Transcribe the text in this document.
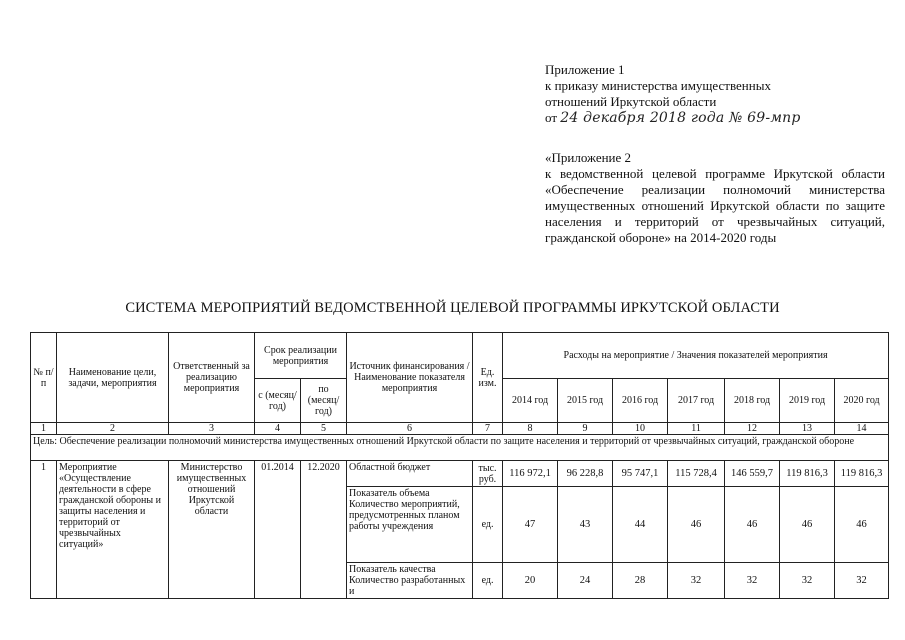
Приложение 1
к приказу министерства имущественных
отношений Иркутской области
от 24 декабря 2018 года № 69-мпр
«Приложение 2
к ведомственной целевой программе Иркутской области «Обеспечение реализации полномочий министерства имущественных отношений Иркутской области по защите населения и территорий от чрезвычайных ситуаций, гражданской обороне» на 2014-2020 годы
СИСТЕМА МЕРОПРИЯТИЙ ВЕДОМСТВЕННОЙ ЦЕЛЕВОЙ ПРОГРАММЫ ИРКУТСКОЙ ОБЛАСТИ
№ п/п	Наименование цели, задачи, мероприятия	Ответственный за реализацию мероприятия	Срок реализации мероприятия		Источник финансирования / Наименование показателя мероприятия	Ед. изм.	Расходы на мероприятие / Значения показателей мероприятия						
			с (месяц/ год)	по (месяц/ год)			2014 год	2015 год	2016 год	2017 год	2018 год	2019 год	2020 год
1	2	3	4	5	6	7	8	9	10	11	12	13	14
Цель: Обеспечение реализации полномочий министерства имущественных отношений Иркутской области по защите населения и территорий от чрезвычайных ситуаций, гражданской обороне													
1	Мероприятие «Осуществление деятельности в сфере гражданской обороны и защиты населения и территорий от чрезвычайных ситуаций»	Министерство имущественных отношений Иркутской области	01.2014	12.2020	Областной бюджет	тыс. руб.	116 972,1	96 228,8	95 747,1	115 728,4	146 559,7	119 816,3	119 816,3
					Показатель объема Количество мероприятий, предусмотренных планом работы учреждения	ед.	47	43	44	46	46	46	46
					Показатель качества Количество разработанных и	ед.	20	24	28	32	32	32	32
